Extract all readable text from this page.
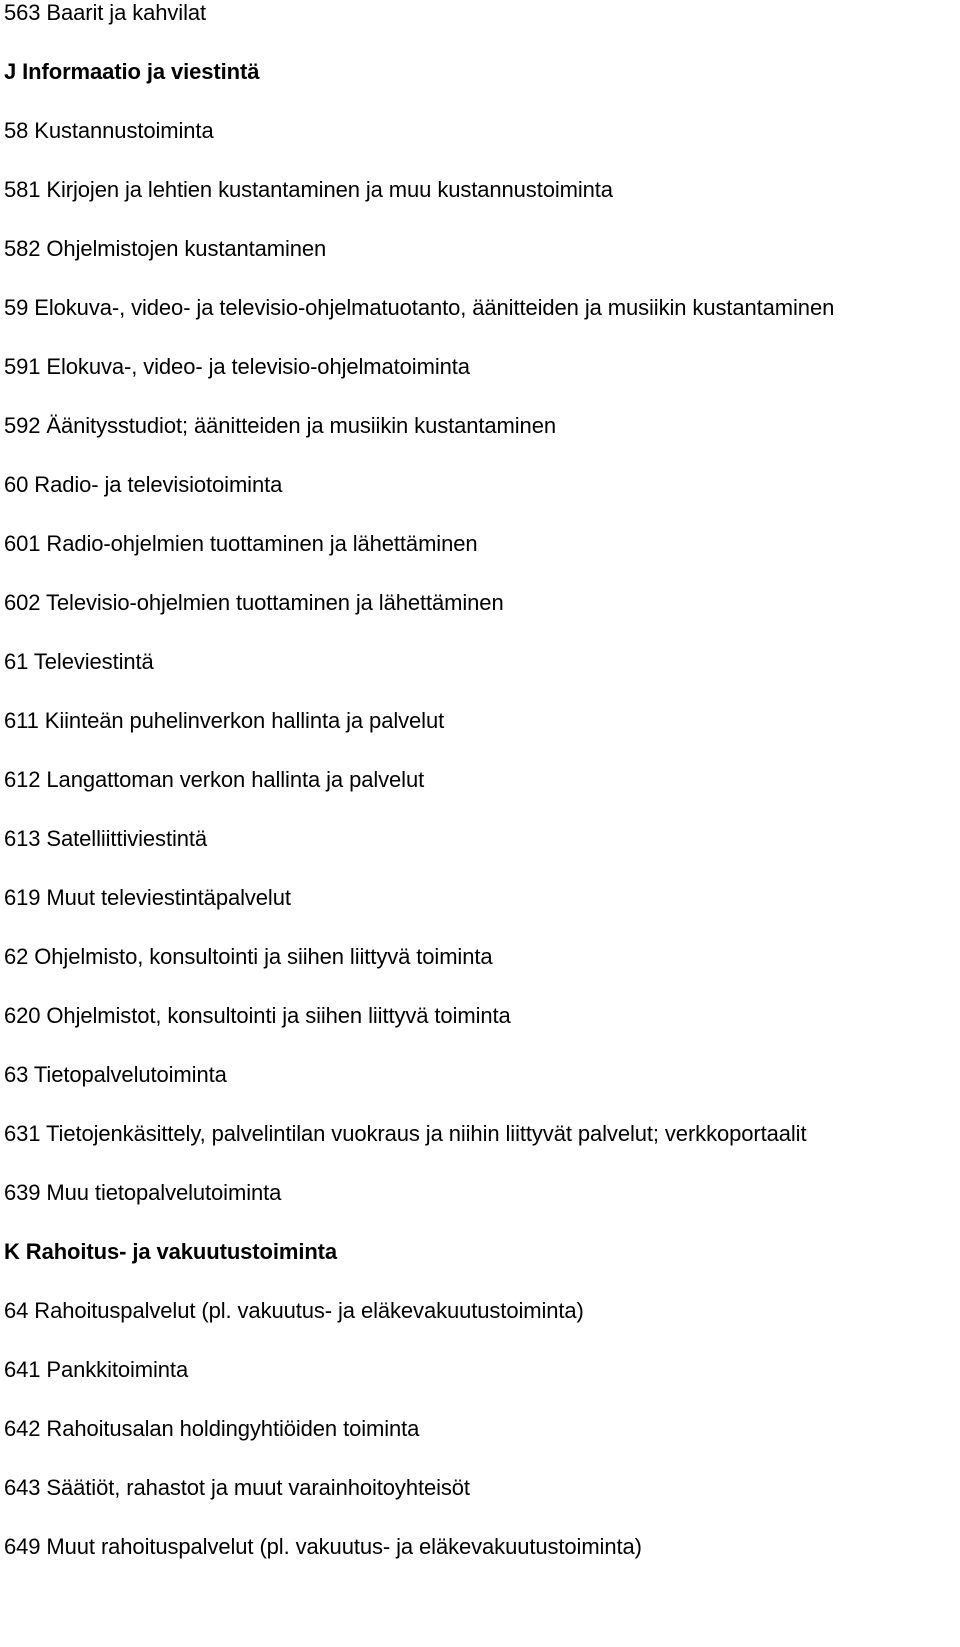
563 Baarit ja kahvilat
J Informaatio ja viestintä
58 Kustannustoiminta
581 Kirjojen ja lehtien kustantaminen ja muu kustannustoiminta
582 Ohjelmistojen kustantaminen
59 Elokuva-, video- ja televisio-ohjelmatuotanto, äänitteiden ja musiikin kustantaminen
591 Elokuva-, video- ja televisio-ohjelmatoiminta
592 Äänitysstudiot; äänitteiden ja musiikin kustantaminen
60 Radio- ja televisiotoiminta
601 Radio-ohjelmien tuottaminen ja lähettäminen
602 Televisio-ohjelmien tuottaminen ja lähettäminen
61 Televiestintä
611 Kiinteän puhelinverkon hallinta ja palvelut
612 Langattoman verkon hallinta ja palvelut
613 Satelliittiviestintä
619 Muut televiestintäpalvelut
62 Ohjelmisto, konsultointi ja siihen liittyvä toiminta
620 Ohjelmistot, konsultointi ja siihen liittyvä toiminta
63 Tietopalvelutoiminta
631 Tietojenkäsittely, palvelintilan vuokraus ja niihin liittyvät palvelut; verkkoportaalit
639 Muu tietopalvelutoiminta
K Rahoitus- ja vakuutustoiminta
64 Rahoituspalvelut (pl. vakuutus- ja eläkevakuutustoiminta)
641 Pankkitoiminta
642 Rahoitusalan holdingyhtiöiden toiminta
643 Säätiöt, rahastot ja muut varainhoitoyhteisöt
649 Muut rahoituspalvelut (pl. vakuutus- ja eläkevakuutustoiminta)
